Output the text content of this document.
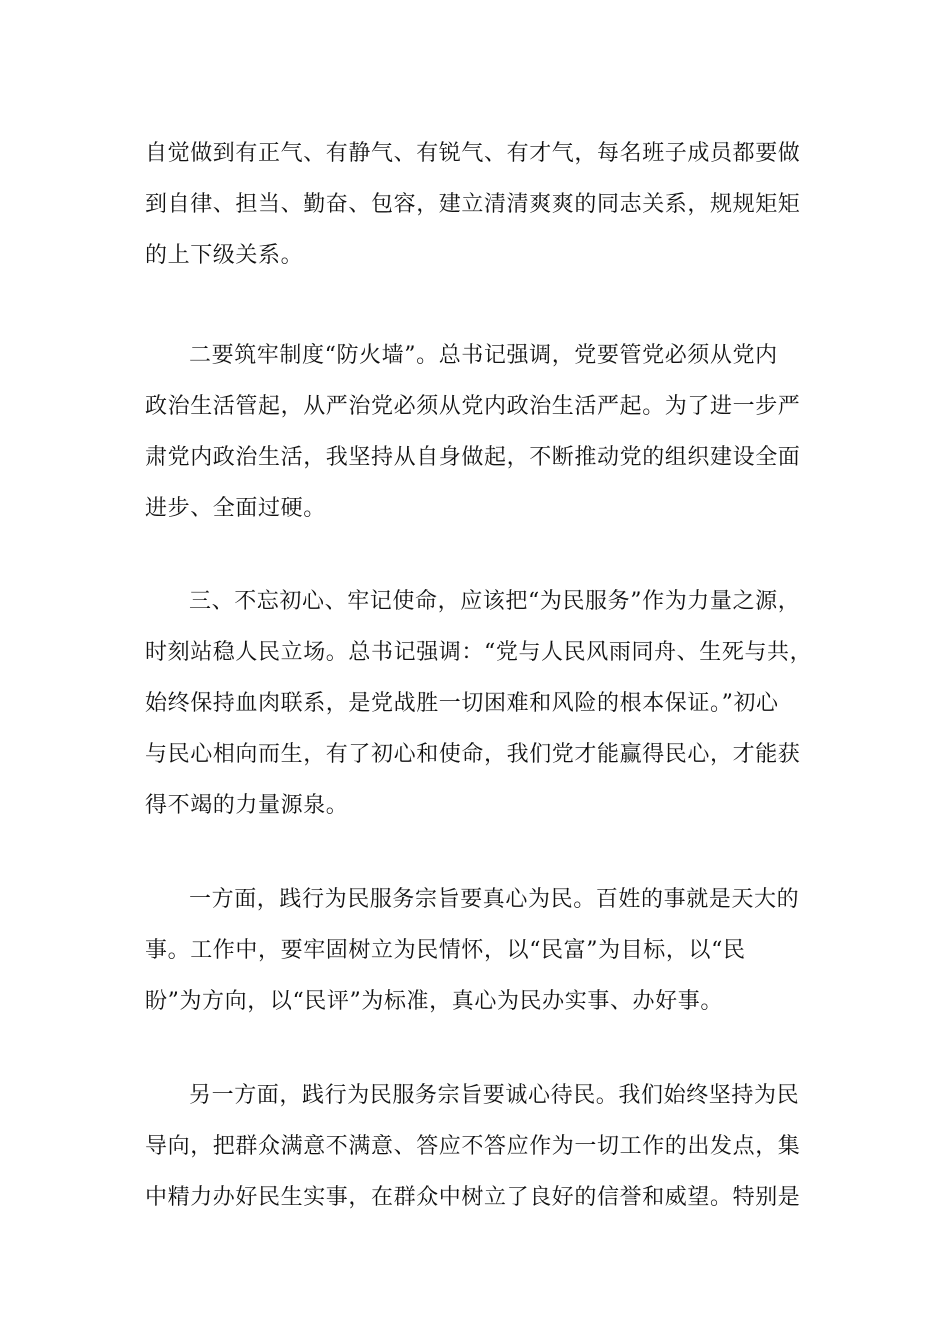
自觉做到有正气、有静气、有锐气、有才气，每名班子成员都要做
到自律、担当、勤奋、包容，建立清清爽爽的同志关系，规规矩矩
的上下级关系。

二要筑牢制度“防火墙”。总书记强调，党要管党必须从党内
政治生活管起，从严治党必须从党内政治生活严起。为了进一步严
肃党内政治生活，我坚持从自身做起，不断推动党的组织建设全面
进步、全面过硬。

三、不忘初心、牢记使命，应该把“为民服务”作为力量之源，
时刻站稳人民立场。总书记强调：“党与人民风雨同舟、生死与共，
始终保持血肉联系，是党战胜一切困难和风险的根本保证。”初心
与民心相向而生，有了初心和使命，我们党才能赢得民心，才能获
得不竭的力量源泉。

一方面，践行为民服务宗旨要真心为民。百姓的事就是天大的
事。工作中，要牢固树立为民情怀，以“民富”为目标，以“民
盼”为方向，以“民评”为标准，真心为民办实事、办好事。

另一方面，践行为民服务宗旨要诚心待民。我们始终坚持为民
导向，把群众满意不满意、答应不答应作为一切工作的出发点，集
中精力办好民生实事，在群众中树立了良好的信誉和威望。特别是
